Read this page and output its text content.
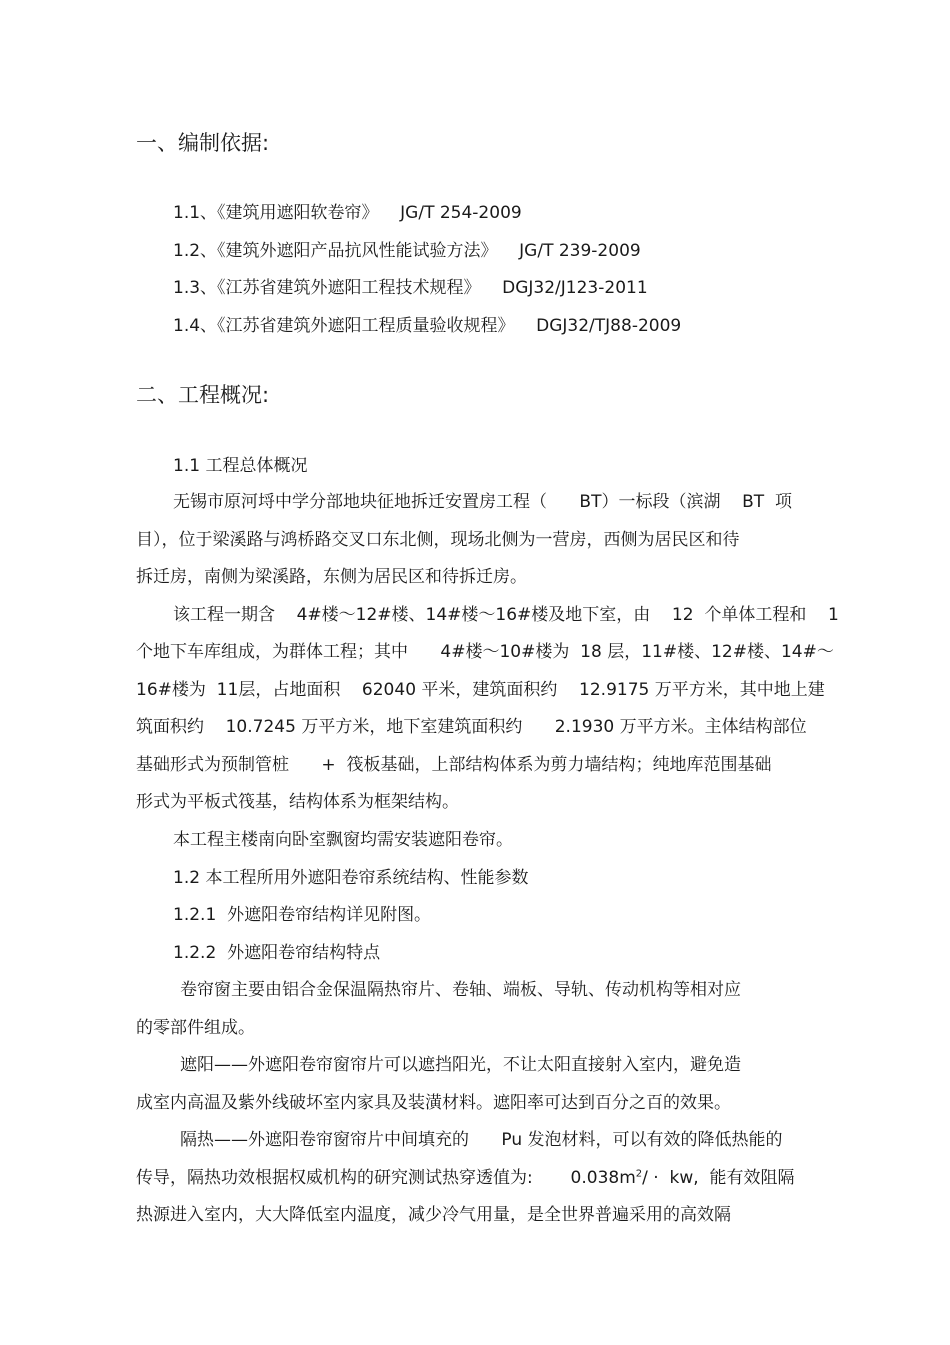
一、编制依据:
1.1、《建筑用遮阳软卷帘》    JG/T 254-2009
1.2、《建筑外遮阳产品抗风性能试验方法》    JG/T 239-2009
1.3、《江苏省建筑外遮阳工程技术规程》    DGJ32/J123-2011
1.4、《江苏省建筑外遮阳工程质量验收规程》    DGJ32/TJ88-2009
二、工程概况:
1.1 工程总体概况
无锡市原河埒中学分部地块征地拆迁安置房工程（      BT）一标段（滨湖    BT  项
目），位于梁溪路与鸿桥路交叉口东北侧，现场北侧为一营房，西侧为居民区和待
拆迁房，南侧为梁溪路，东侧为居民区和待拆迁房。
该工程一期含    4#楼～12#楼、14#楼～16#楼及地下室，由    12  个单体工程和    1
个地下车库组成，为群体工程；其中      4#楼～10#楼为  18 层，11#楼、12#楼、14#～
16#楼为  11层，占地面积    62040 平米，建筑面积约    12.9175 万平方米，其中地上建
筑面积约    10.7245 万平方米，地下室建筑面积约      2.1930 万平方米。主体结构部位
基础形式为预制管桩      +  筏板基础，上部结构体系为剪力墙结构；纯地库范围基础
形式为平板式筏基，结构体系为框架结构。
本工程主楼南向卧室飘窗均需安装遮阳卷帘。
1.2 本工程所用外遮阳卷帘系统结构、性能参数
1.2.1  外遮阳卷帘结构详见附图。
1.2.2  外遮阳卷帘结构特点
卷帘窗主要由铝合金保温隔热帘片、卷轴、端板、导轨、传动机构等相对应
的零部件组成。
遮阳——外遮阳卷帘窗帘片可以遮挡阳光，不让太阳直接射入室内，避免造
成室内高温及紫外线破坏室内家具及装潢材料。遮阳率可达到百分之百的效果。
隔热——外遮阳卷帘窗帘片中间填充的      Pu 发泡材料，可以有效的降低热能的
传导，隔热功效根据权威机构的研究测试热穿透值为:       $0.038m^2/$ ·  kw,  能有效阻隔
热源进入室内，大大降低室内温度，减少冷气用量，是全世界普遍采用的高效隔
